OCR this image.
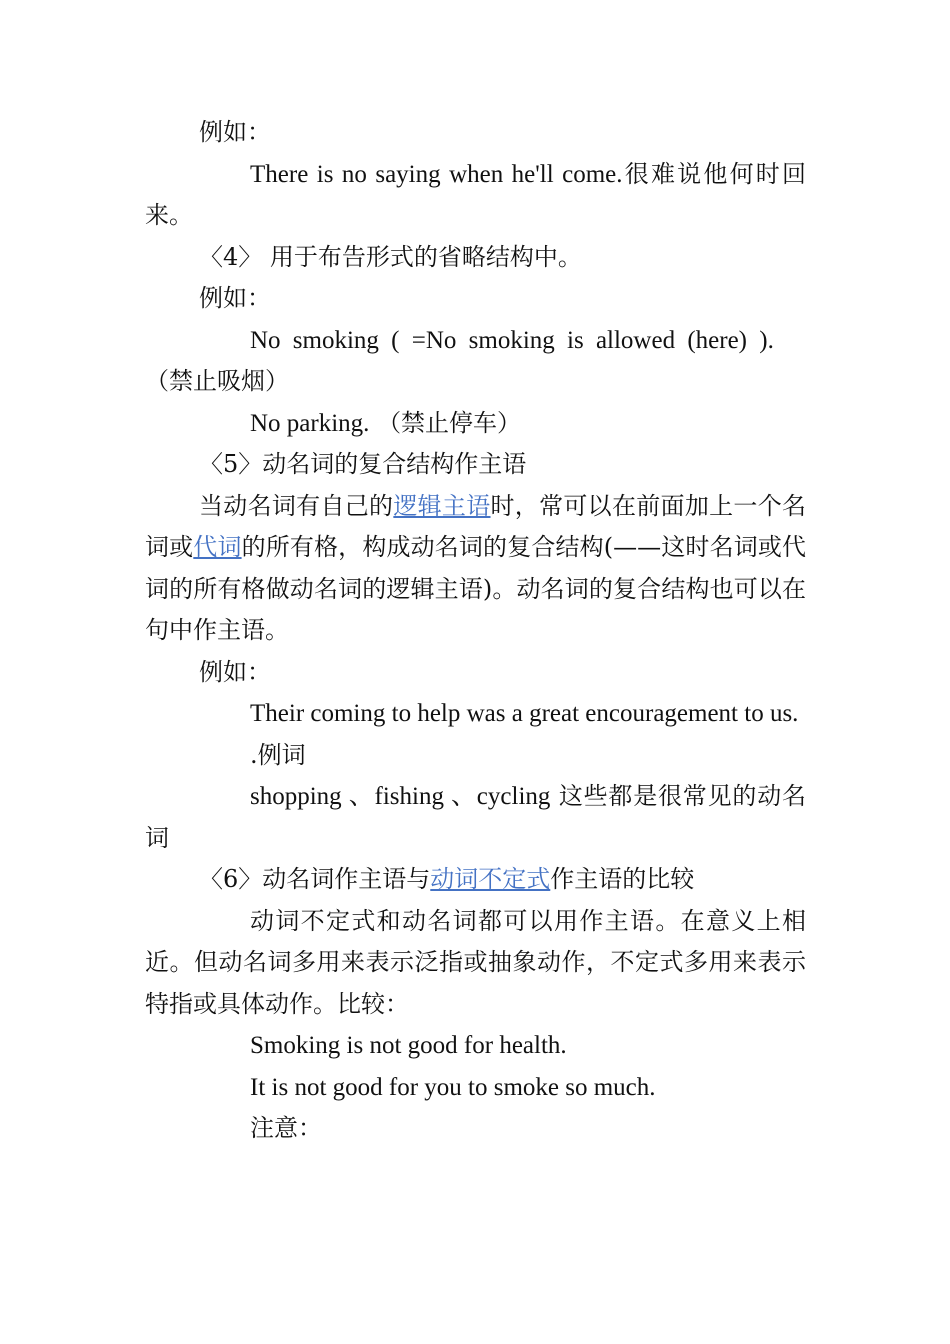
例如：

There is no saying when he'll come.很难说他何时回来。

〈4〉 用于布告形式的省略结构中。

例如：

No smoking ( =No smoking is allowed (here) ).
（禁止吸烟）

No parking. （禁止停车）

〈5〉动名词的复合结构作主语

当动名词有自己的逻辑主语时，常可以在前面加上一个名词或代词的所有格，构成动名词的复合结构(——这时名词或代词的所有格做动名词的逻辑主语)。动名词的复合结构也可以在句中作主语。

例如：

Their coming to help was a great encouragement to us.

.例词

shopping 、fishing 、cycling 这些都是很常见的动名词

〈6〉动名词作主语与动词不定式作主语的比较

动词不定式和动名词都可以用作主语。在意义上相近。但动名词多用来表示泛指或抽象动作，不定式多用来表示特指或具体动作。比较：

Smoking is not good for health.

It is not good for you to smoke so much.

注意：
